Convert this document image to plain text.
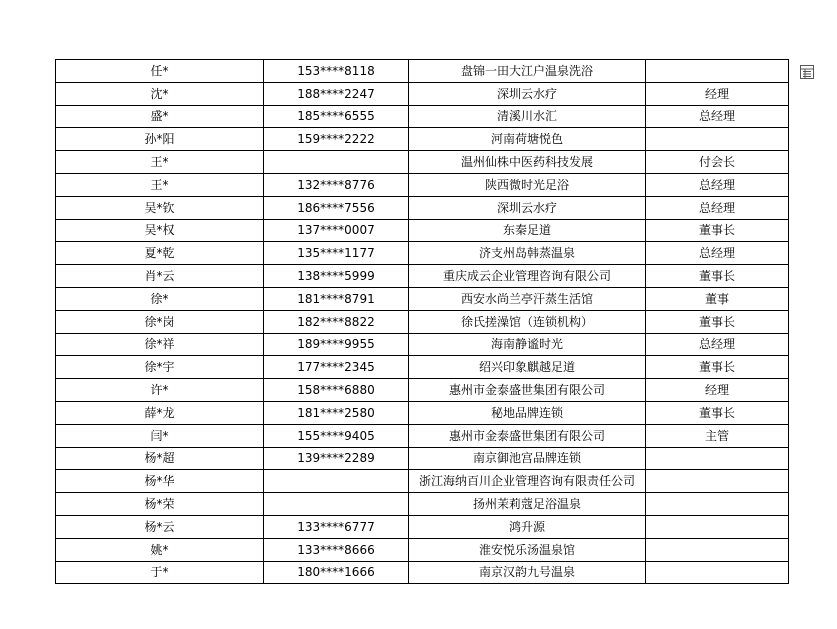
任*	153****8118	盘锦一田大江户温泉洗浴	
沈*	188****2247	深圳云水疗	经理
盛*	185****6555	清溪川水汇	总经理
孙*阳	159****2222	河南荷塘悦色	
王*		温州仙株中医药科技发展	付会长
王*	132****8776	陕西微时光足浴	总经理
吴*钦	186****7556	深圳云水疗	总经理
吴*权	137****0007	东秦足道	董事长
夏*乾	135****1177	济支州岛韩蒸温泉	总经理
肖*云	138****5999	重庆成云企业管理咨询有限公司	董事长
徐*	181****8791	西安水尚兰亭汗蒸生活馆	董事
徐*岗	182****8822	徐氏搓澡馆（连锁机构）	董事长
徐*祥	189****9955	海南静谧时光	总经理
徐*宇	177****2345	绍兴印象麒越足道	董事长
许*	158****6880	惠州市金泰盛世集团有限公司	经理
薛*龙	181****2580	秘地品牌连锁	董事长
闫*	155****9405	惠州市金泰盛世集团有限公司	主管
杨*超	139****2289	南京御池宫品牌连锁	
杨*华		浙江海纳百川企业管理咨询有限责任公司	
杨*荣		扬州茉莉蔻足浴温泉	
杨*云	133****6777	鸿升源	
姚*	133****8666	淮安悦乐汤温泉馆	
于*	180****1666	南京汉韵九号温泉	
